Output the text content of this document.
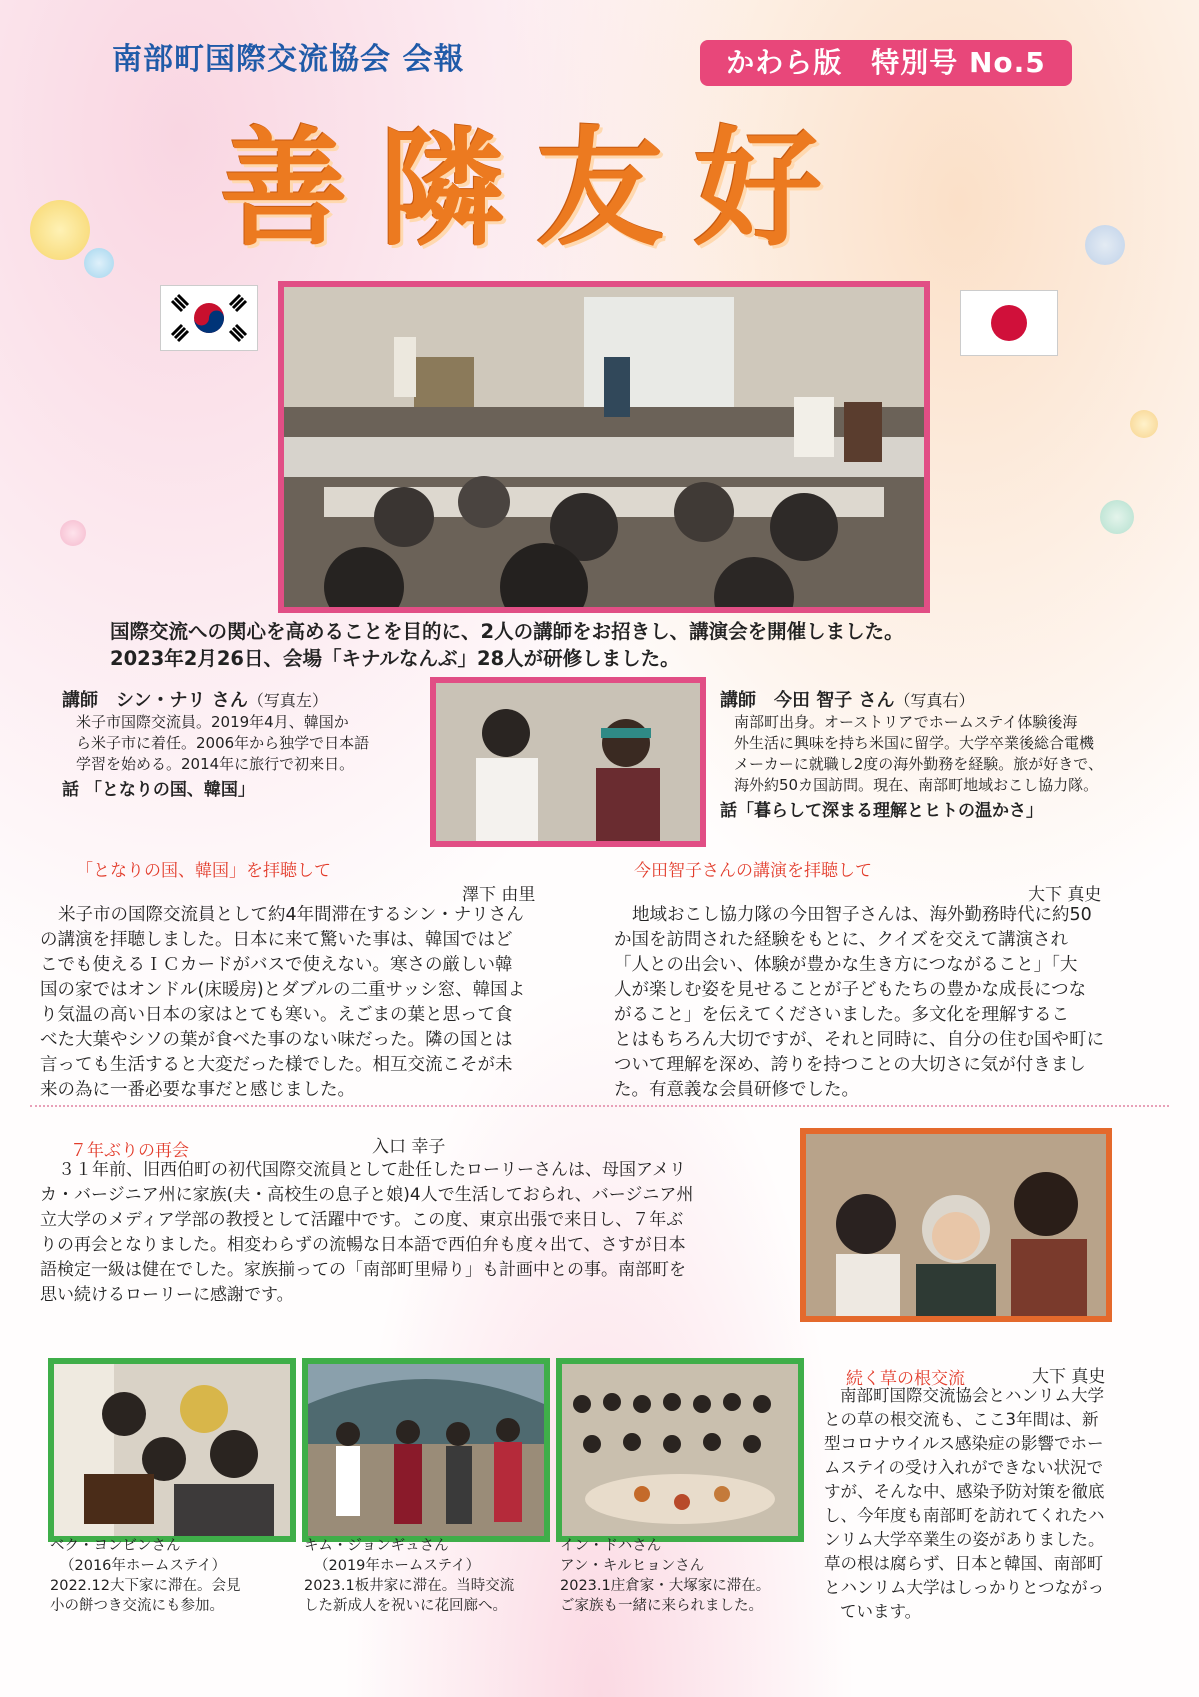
南部町国際交流協会 会報	かわら版　特別号 No.5
善隣友好
国際交流への関心を高めることを目的に、2人の講師をお招きし、講演会を開催しました。
2023年2月26日、会場「キナルなんぶ」28人が研修しました。
講師　シン・ナリ さん（写真左）
米子市国際交流員。2019年4月、韓国か
ら米子市に着任。2006年から独学で日本語
学習を始める。2014年に旅行で初来日。
話 「となりの国、韓国」
講師　今田 智子 さん（写真右）
南部町出身。オーストリアでホームステイ体験後海
外生活に興味を持ち米国に留学。大学卒業後総合電機
メーカーに就職し2度の海外勤務を経験。旅が好きで、
海外約50カ国訪問。現在、南部町地域おこし協力隊。
話「暮らして深まる理解とヒトの温かさ」
「となりの国、韓国」を拝聴して
澤下 由里
米子市の国際交流員として約4年間滞在するシン・ナリさん
の講演を拝聴しました。日本に来て驚いた事は、韓国ではど
こでも使えるＩＣカードがバスで使えない。寒さの厳しい韓
国の家ではオンドル(床暖房)とダブルの二重サッシ窓、韓国よ
り気温の高い日本の家はとても寒い。えごまの葉と思って食
べた大葉やシソの葉が食べた事のない味だった。隣の国とは
言っても生活すると大変だった様でした。相互交流こそが未
来の為に一番必要な事だと感じました。
今田智子さんの講演を拝聴して
大下 真史
地域おこし協力隊の今田智子さんは、海外勤務時代に約50
か国を訪問された経験をもとに、クイズを交えて講演され
「人との出会い、体験が豊かな生き方につながること」「大
人が楽しむ姿を見せることが子どもたちの豊かな成長につな
がること」を伝えてくださいました。多文化を理解するこ
とはもちろん大切ですが、それと同時に、自分の住む国や町に
ついて理解を深め、誇りを持つことの大切さに気が付きまし
た。有意義な会員研修でした。
７年ぶりの再会	入口 幸子
３１年前、旧西伯町の初代国際交流員として赴任したローリーさんは、母国アメリ
カ・バージニア州に家族(夫・高校生の息子と娘)4人で生活しておられ、バージニア州
立大学のメディア学部の教授として活躍中です。この度、東京出張で来日し、７年ぶ
りの再会となりました。相変わらずの流暢な日本語で西伯弁も度々出て、さすが日本
語検定一級は健在でした。家族揃っての「南部町里帰り」も計画中との事。南部町を
思い続けるローリーに感謝です。
ベク・ヨンビンさん
（2016年ホームステイ）
2022.12大下家に滞在。会見
小の餅つき交流にも参加。
キム・ジョンギュさん
（2019年ホームステイ）
2023.1板井家に滞在。当時交流
した新成人を祝いに花回廊へ。
イン・ドハさん
アン・キルヒョンさん
2023.1庄倉家・大塚家に滞在。
ご家族も一緒に来られました。
続く草の根交流	大下 真史
南部町国際交流協会とハンリム大学
との草の根交流も、ここ3年間は、新
型コロナウイルス感染症の影響でホー
ムステイの受け入れができない状況で
すが、そんな中、感染予防対策を徹底
し、今年度も南部町を訪れてくれたハ
ンリム大学卒業生の姿がありました。
草の根は腐らず、日本と韓国、南部町
とハンリム大学はしっかりとつながっ
ています。
